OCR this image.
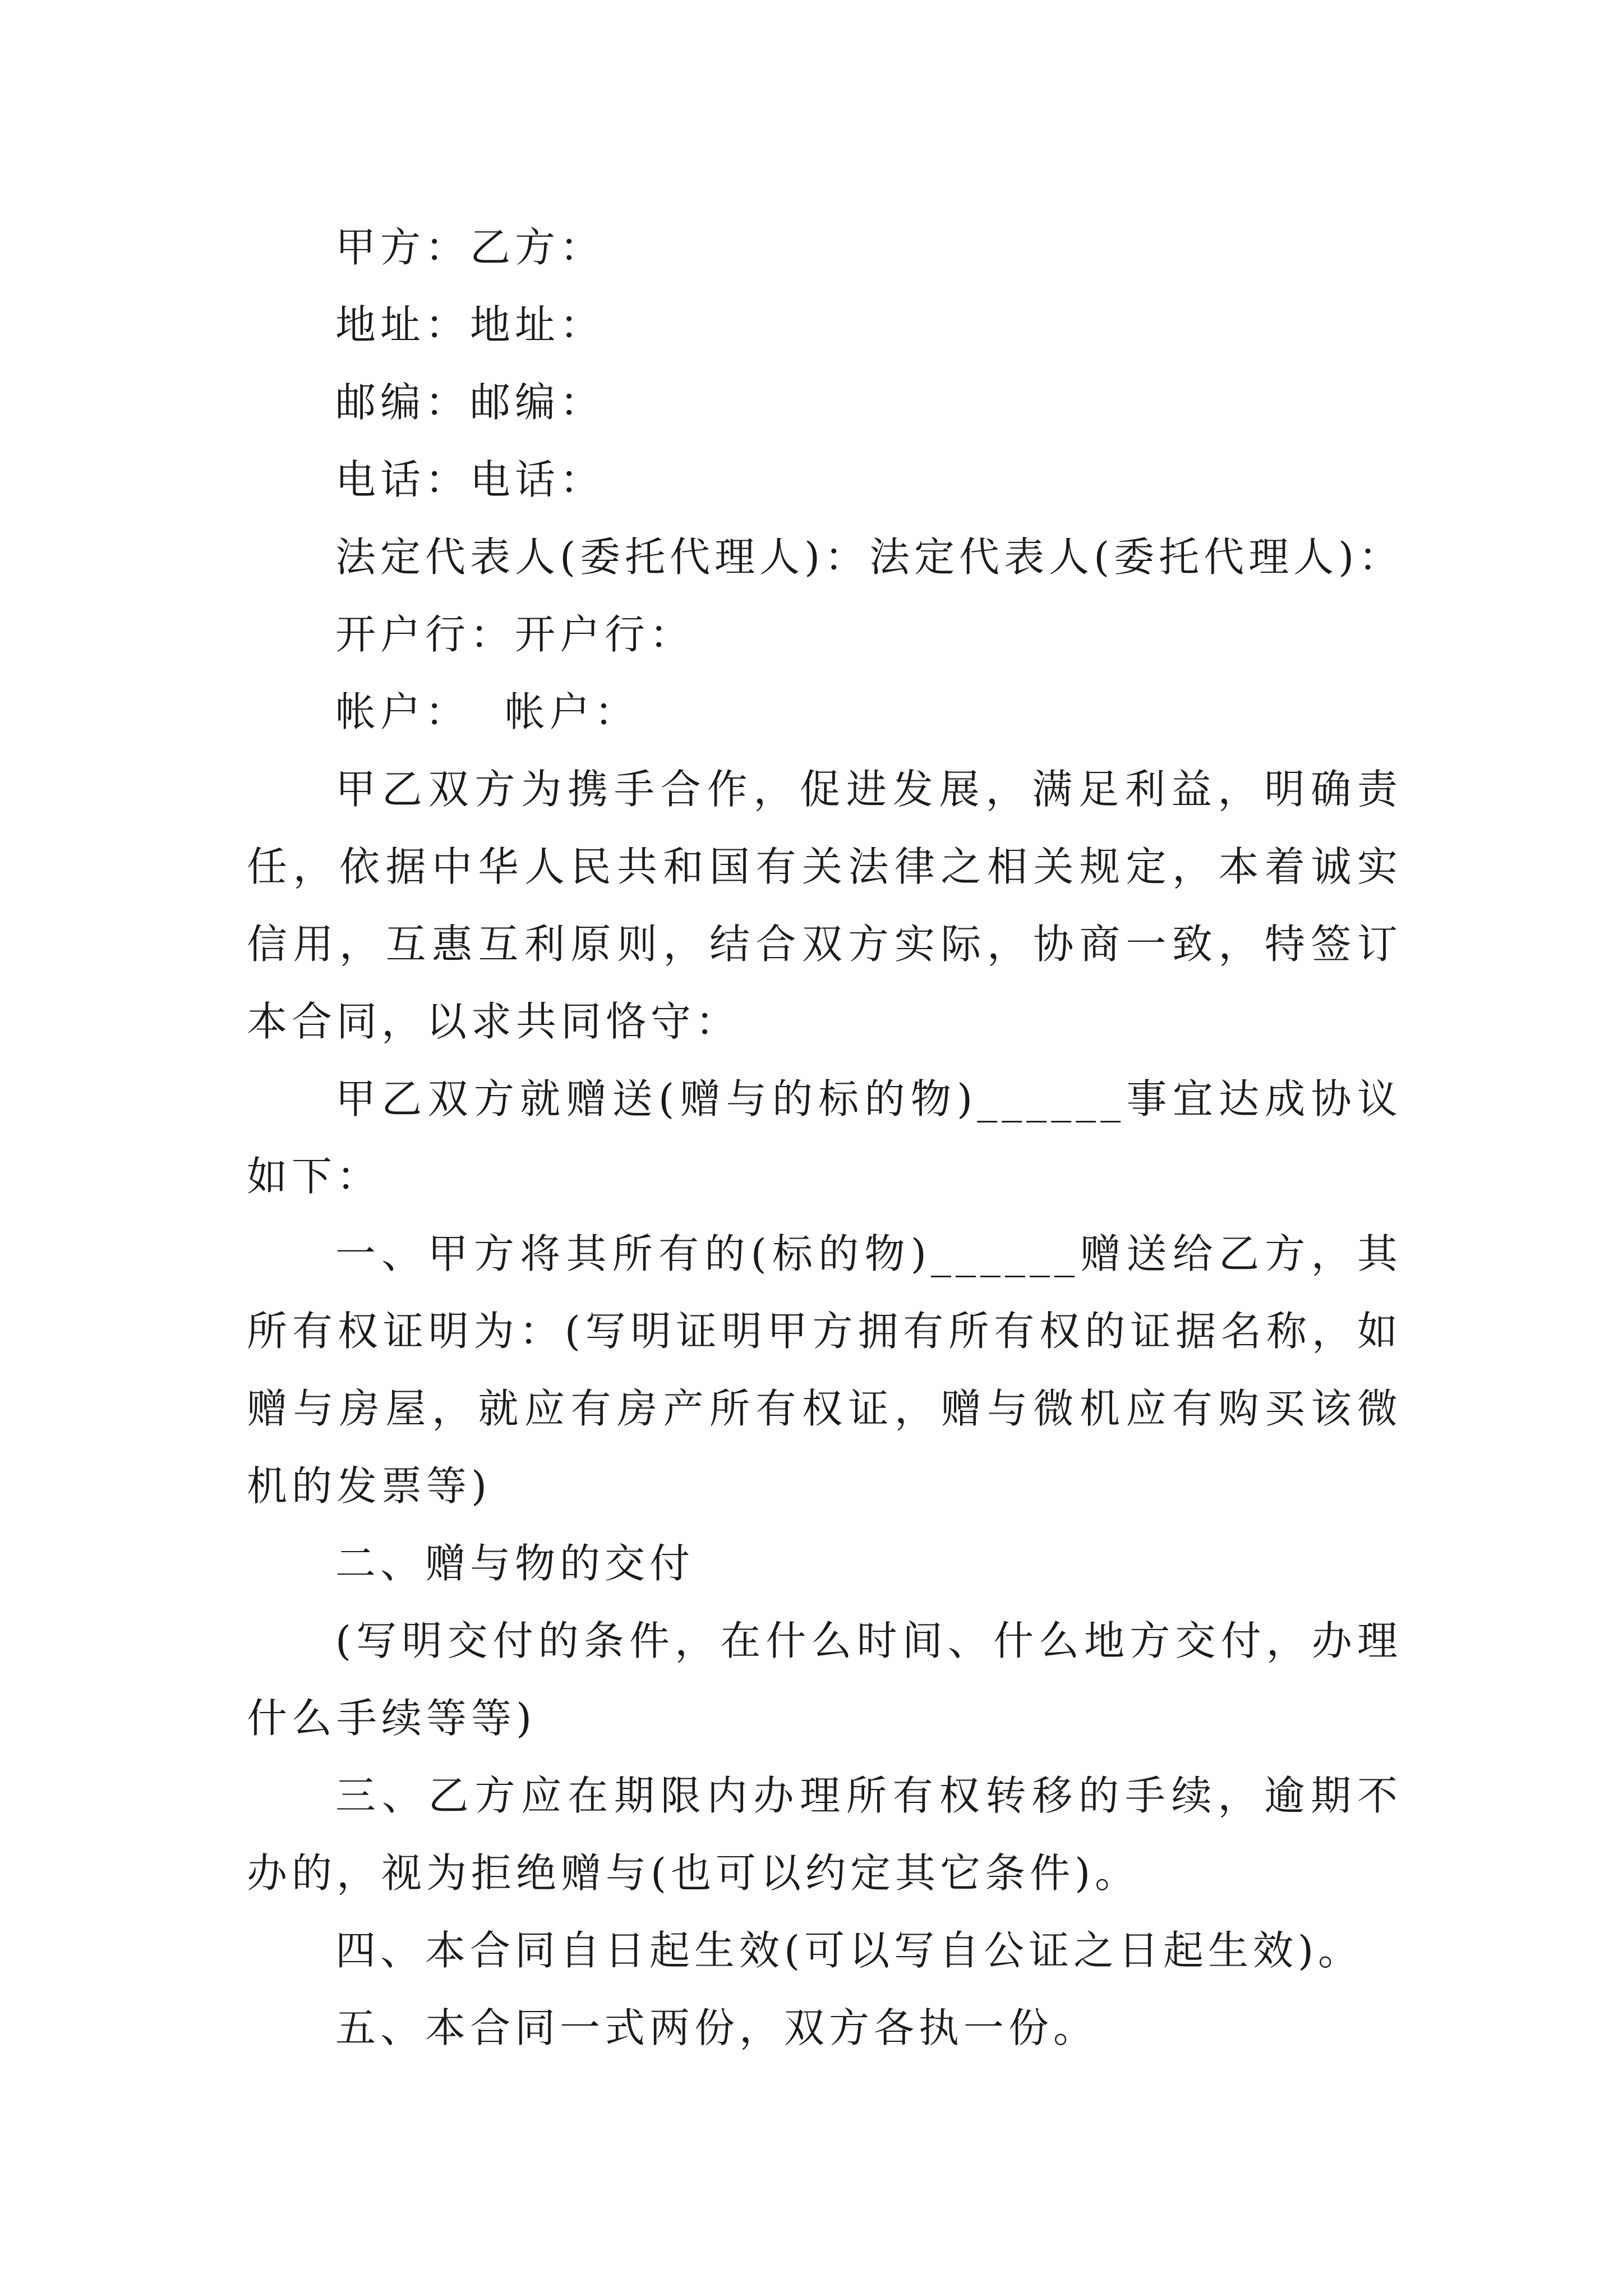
甲方：乙方：

地址：地址：

邮编：邮编：

电话：电话：

法定代表人(委托代理人)：法定代表人(委托代理人)：

开户行：开户行：

帐户：  帐户：

甲乙双方为携手合作，促进发展，满足利益，明确责任，依据中华人民共和国有关法律之相关规定，本着诚实信用，互惠互利原则，结合双方实际，协商一致，特签订本合同，以求共同恪守：

甲乙双方就赠送(赠与的标的物)______事宜达成协议如下：

一、甲方将其所有的(标的物)______赠送给乙方，其所有权证明为：(写明证明甲方拥有所有权的证据名称，如赠与房屋，就应有房产所有权证，赠与微机应有购买该微机的发票等)

二、赠与物的交付

(写明交付的条件，在什么时间、什么地方交付，办理什么手续等等)

三、乙方应在期限内办理所有权转移的手续，逾期不办的，视为拒绝赠与(也可以约定其它条件)。

四、本合同自日起生效(可以写自公证之日起生效)。

五、本合同一式两份，双方各执一份。
